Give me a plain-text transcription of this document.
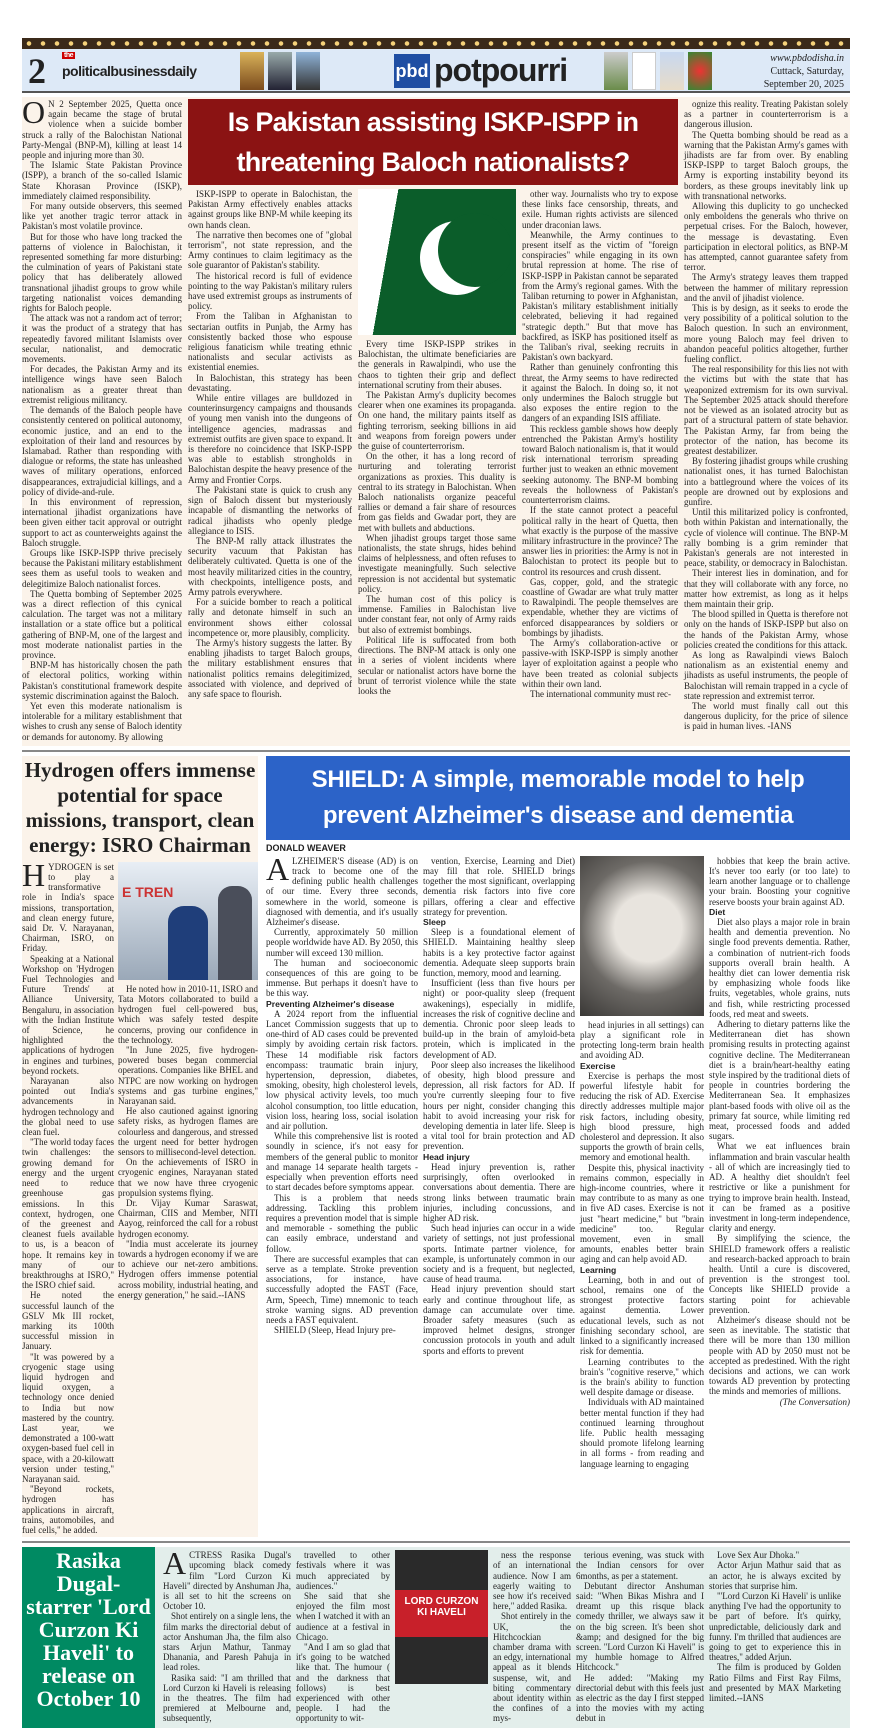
2	the
politicalbusinessdaily	pbd potpourri	www.pbdodisha.in
Cuttack, Saturday,
September 20, 2025

O N 2 September 2025, Quetta once again became the stage of brutal violence when a suicide bomber struck a rally of the Balochistan National Party-Mengal (BNP-M), killing at least 14 people and injuring more than 30.

The Islamic State Pakistan Province (ISPP), a branch of the so-called Islamic State Khorasan Province (ISKP), immediately claimed responsibility.

For many outside observers, this seemed like yet another tragic terror attack in Pakistan's most volatile province.

But for those who have long tracked the patterns of violence in Balochistan, it represented something far more disturbing: the culmination of years of Pakistani state policy that has deliberately allowed transnational jihadist groups to grow while targeting nationalist voices demanding rights for Baloch people.

The attack was not a random act of terror; it was the product of a strategy that has repeatedly favored militant Islamists over secular, nationalist, and democratic movements.

For decades, the Pakistan Army and its intelligence wings have seen Baloch nationalism as a greater threat than extremist religious militancy.

The demands of the Baloch people have consistently centered on political autonomy, economic justice, and an end to the exploitation of their land and resources by Islamabad. Rather than responding with dialogue or reforms, the state has unleashed waves of military operations, enforced disappearances, extrajudicial killings, and a policy of divide-and-rule.

In this environment of repression, international jihadist organizations have been given either tacit approval or outright support to act as counterweights against the Baloch struggle.

Groups like ISKP-ISPP thrive precisely because the Pakistani military establishment sees them as useful tools to weaken and delegitimize Baloch nationalist forces.

The Quetta bombing of September 2025 was a direct reflection of this cynical calculation. The target was not a military installation or a state office but a political gathering of BNP-M, one of the largest and most moderate nationalist parties in the province.

BNP-M has historically chosen the path of electoral politics, working within Pakistan's constitutional framework despite systemic discrimination against the Baloch.

Yet even this moderate nationalism is intolerable for a military establishment that wishes to crush any sense of Baloch identity or demands for autonomy. By allowing

Is Pakistan assisting ISKP-ISPP in threatening Baloch nationalists?

ISKP-ISPP to operate in Balochistan, the Pakistan Army effectively enables attacks against groups like BNP-M while keeping its own hands clean.

The narrative then becomes one of "global terrorism", not state repression, and the Army continues to claim legitimacy as the sole guarantor of Pakistan's stability.

The historical record is full of evidence pointing to the way Pakistan's military rulers have used extremist groups as instruments of policy.

From the Taliban in Afghanistan to sectarian outfits in Punjab, the Army has consistently backed those who espouse religious fanaticism while treating ethnic nationalists and secular activists as existential enemies.

In Balochistan, this strategy has been devastating.

While entire villages are bulldozed in counterinsurgency campaigns and thousands of young men vanish into the dungeons of intelligence agencies, madrassas and extremist outfits are given space to expand. It is therefore no coincidence that ISKP-ISPP was able to establish strongholds in Balochistan despite the heavy presence of the Army and Frontier Corps.

The Pakistani state is quick to crush any sign of Baloch dissent but mysteriously incapable of dismantling the networks of radical jihadists who openly pledge allegiance to ISIS.

The BNP-M rally attack illustrates the security vacuum that Pakistan has deliberately cultivated. Quetta is one of the most heavily militarized cities in the country, with checkpoints, intelligence posts, and Army patrols everywhere.

For a suicide bomber to reach a political rally and detonate himself in such an environment shows either colossal incompetence or, more plausibly, complicity.

The Army's history suggests the latter. By enabling jihadists to target Baloch groups, the military establishment ensures that nationalist politics remains delegitimized, associated with violence, and deprived of any safe space to flourish.

Every time ISKP-ISPP strikes in Balochistan, the ultimate beneficiaries are the generals in Rawalpindi, who use the chaos to tighten their grip and deflect international scrutiny from their abuses.

The Pakistan Army's duplicity becomes clearer when one examines its propaganda. On one hand, the military paints itself as fighting terrorism, seeking billions in aid and weapons from foreign powers under the guise of counterterrorism.

On the other, it has a long record of nurturing and tolerating terrorist organizations as proxies. This duality is central to its strategy in Balochistan. When Baloch nationalists organize peaceful rallies or demand a fair share of resources from gas fields and Gwadar port, they are met with bullets and abductions.

When jihadist groups target those same nationalists, the state shrugs, hides behind claims of helplessness, and often refuses to investigate meaningfully. Such selective repression is not accidental but systematic policy.

The human cost of this policy is immense. Families in Balochistan live under constant fear, not only of Army raids but also of extremist bombings.

Political life is suffocated from both directions. The BNP-M attack is only one in a series of violent incidents where secular or nationalist actors have borne the brunt of terrorist violence while the state looks the

other way. Journalists who try to expose these links face censorship, threats, and exile. Human rights activists are silenced under draconian laws.

Meanwhile, the Army continues to present itself as the victim of "foreign conspiracies" while engaging in its own brutal repression at home. The rise of ISKP-ISPP in Pakistan cannot be separated from the Army's regional games. With the Taliban returning to power in Afghanistan, Pakistan's military establishment initially celebrated, believing it had regained "strategic depth." But that move has backfired, as ISKP has positioned itself as the Taliban's rival, seeking recruits in Pakistan's own backyard.

Rather than genuinely confronting this threat, the Army seems to have redirected it against the Baloch. In doing so, it not only undermines the Baloch struggle but also exposes the entire region to the dangers of an expanding ISIS affiliate.

This reckless gamble shows how deeply entrenched the Pakistan Army's hostility toward Baloch nationalism is, that it would risk international terrorism spreading further just to weaken an ethnic movement seeking autonomy. The BNP-M bombing reveals the hollowness of Pakistan's counterterrorism claims.

If the state cannot protect a peaceful political rally in the heart of Quetta, then what exactly is the purpose of the massive military infrastructure in the province? The answer lies in priorities: the Army is not in Balochistan to protect its people but to control its resources and crush dissent.

Gas, copper, gold, and the strategic coastline of Gwadar are what truly matter to Rawalpindi. The people themselves are expendable, whether they are victims of enforced disappearances by soldiers or bombings by jihadists.

The Army's collaboration-active or passive-with ISKP-ISPP is simply another layer of exploitation against a people who have been treated as colonial subjects within their own land.

The international community must rec-

ognize this reality. Treating Pakistan solely as a partner in counterterrorism is a dangerous illusion.

The Quetta bombing should be read as a warning that the Pakistan Army's games with jihadists are far from over. By enabling ISKP-ISPP to target Baloch groups, the Army is exporting instability beyond its borders, as these groups inevitably link up with transnational networks.

Allowing this duplicity to go unchecked only emboldens the generals who thrive on perpetual crises. For the Baloch, however, the message is devastating. Even participation in electoral politics, as BNP-M has attempted, cannot guarantee safety from terror.

The Army's strategy leaves them trapped between the hammer of military repression and the anvil of jihadist violence.

This is by design, as it seeks to erode the very possibility of a political solution to the Baloch question. In such an environment, more young Baloch may feel driven to abandon peaceful politics altogether, further fueling conflict.

The real responsibility for this lies not with the victims but with the state that has weaponized extremism for its own survival. The September 2025 attack should therefore not be viewed as an isolated atrocity but as part of a structural pattern of state behavior. The Pakistan Army, far from being the protector of the nation, has become its greatest destabilizer.

By fostering jihadist groups while crushing nationalist ones, it has turned Balochistan into a battleground where the voices of its people are drowned out by explosions and gunfire.

Until this militarized policy is confronted, both within Pakistan and internationally, the cycle of violence will continue. The BNP-M rally bombing is a grim reminder that Pakistan's generals are not interested in peace, stability, or democracy in Balochistan.

Their interest lies in domination, and for that they will collaborate with any force, no matter how extremist, as long as it helps them maintain their grip.

The blood spilled in Quetta is therefore not only on the hands of ISKP-ISPP but also on the hands of the Pakistan Army, whose policies created the conditions for this attack.

As long as Rawalpindi views Baloch nationalism as an existential enemy and jihadists as useful instruments, the people of Balochistan will remain trapped in a cycle of state repression and extremist terror.

The world must finally call out this dangerous duplicity, for the price of silence is paid in human lives. -IANS

Hydrogen offers immense potential for space missions, transport, clean energy: ISRO Chairman

HYDROGEN is set to play a transformative role in India's space missions, transportation, and clean energy future, said Dr. V. Narayanan, Chairman, ISRO, on Friday.

Speaking at a National Workshop on 'Hydrogen Fuel Technologies and Future Trends' at Alliance University, Bengaluru, in association with the Indian Institute of Science, he highlighted the applications of hydrogen in engines and turbines, beyond rockets.

Narayanan also pointed out India's advancements in hydrogen technology and the global need to use clean fuel.

"The world today faces twin challenges: the growing demand for energy and the urgent need to reduce greenhouse gas emissions. In this context, hydrogen, one of the greenest and cleanest fuels available to us, is a beacon of hope. It remains key in many of our breakthroughs at ISRO," the ISRO chief said.

He noted the successful launch of the GSLV Mk III rocket, marking its 100th successful mission in January.

"It was powered by a cryogenic stage using liquid hydrogen and liquid oxygen, a technology once denied to India but now mastered by the country. Last year, we demonstrated a 100-watt oxygen-based fuel cell in space, with a 20-kilowatt version under testing," Narayanan said.

"Beyond rockets, hydrogen has applications in aircraft, trains, automobiles, and fuel cells," he added.

E TREN

He noted how in 2010-11, ISRO and Tata Motors collaborated to build a hydrogen fuel cell-powered bus, which was safely tested despite concerns, proving our confidence in the technology.

"In June 2025, five hydrogen-powered buses began commercial operations. Companies like BHEL and NTPC are now working on hydrogen systems and gas turbine engines," Narayanan said.

He also cautioned against ignoring safety risks, as hydrogen flames are colourless and dangerous, and stressed the urgent need for better hydrogen sensors to millisecond-level detection.

On the achievements of ISRO in cryogenic engines, Narayanan stated that we now have three cryogenic propulsion systems flying.

Dr. Vijay Kumar Saraswat, Chairman, CIIS and Member, NITI Aayog, reinforced the call for a robust hydrogen economy.

"India must accelerate its journey towards a hydrogen economy if we are to achieve our net-zero ambitions. Hydrogen offers immense potential across mobility, industrial heating, and energy generation," he said.--IANS

SHIELD: A simple, memorable model to help prevent Alzheimer's disease and dementia
DONALD WEAVER

ALZHEIMER'S disease (AD) is on track to become one of the defining public health challenges of our time. Every three seconds, somewhere in the world, someone is diagnosed with dementia, and it's usually Alzheimer's disease.

Currently, approximately 50 million people worldwide have AD. By 2050, this number will exceed 130 million.

The human and socioeconomic consequences of this are going to be immense. But perhaps it doesn't have to be this way.

Preventing Alzheimer's disease

A 2024 report from the influential Lancet Commission suggests that up to one-third of AD cases could be prevented simply by avoiding certain risk factors. These 14 modifiable risk factors encompass: traumatic brain injury, hypertension, depression, diabetes, smoking, obesity, high cholesterol levels, low physical activity levels, too much alcohol consumption, too little education, vision loss, hearing loss, social isolation and air pollution.

While this comprehensive list is rooted soundly in science, it's not easy for members of the general public to monitor and manage 14 separate health targets - especially when prevention efforts need to start decades before symptoms appear.

This is a problem that needs addressing. Tackling this problem requires a prevention model that is simple and memorable - something the public can easily embrace, understand and follow.

There are successful examples that can serve as a template. Stroke prevention associations, for instance, have successfully adopted the FAST (Face, Arm, Speech, Time) mnemonic to teach stroke warning signs. AD prevention needs a FAST equivalent.

SHIELD (Sleep, Head Injury pre-

vention, Exercise, Learning and Diet) may fill that role. SHIELD brings together the most significant, overlapping dementia risk factors into five core pillars, offering a clear and effective strategy for prevention.

Sleep

Sleep is a foundational element of SHIELD. Maintaining healthy sleep habits is a key protective factor against dementia. Adequate sleep supports brain function, memory, mood and learning.

Insufficient (less than five hours per night) or poor-quality sleep (frequent awakenings), especially in midlife, increases the risk of cognitive decline and dementia. Chronic poor sleep leads to build-up in the brain of amyloid-beta protein, which is implicated in the development of AD.

Poor sleep also increases the likelihood of obesity, high blood pressure and depression, all risk factors for AD. If you're currently sleeping four to five hours per night, consider changing this habit to avoid increasing your risk for developing dementia in later life. Sleep is a vital tool for brain protection and AD prevention.

Head injury

Head injury prevention is, rather surprisingly, often overlooked in conversations about dementia. There are strong links between traumatic brain injuries, including concussions, and higher AD risk.

Such head injuries can occur in a wide variety of settings, not just professional sports. Intimate partner violence, for example, is unfortunately common in our society and is a frequent, but neglected, cause of head trauma.

Head injury prevention should start early and continue throughout life, as damage can accumulate over time. Broader safety measures (such as improved helmet designs, stronger concussion protocols in youth and adult sports and efforts to prevent

head injuries in all settings) can play a significant role in protecting long-term brain health and avoiding AD.

Exercise

Exercise is perhaps the most powerful lifestyle habit for reducing the risk of AD. Exercise directly addresses multiple major risk factors, including obesity, high blood pressure, high cholesterol and depression. It also supports the growth of brain cells, memory and emotional health.

Despite this, physical inactivity remains common, especially in high-income countries, where it may contribute to as many as one in five AD cases. Exercise is not just "heart medicine," but "brain medicine" too. Regular movement, even in small amounts, enables better brain aging and can help avoid AD.

Learning

Learning, both in and out of school, remains one of the strongest protective factors against dementia. Lower educational levels, such as not finishing secondary school, are linked to a significantly increased risk for dementia.

Learning contributes to the brain's "cognitive reserve," which is the brain's ability to function well despite damage or disease.

Individuals with AD maintained better mental function if they had continued learning throughout life. Public health messaging should promote lifelong learning in all forms - from reading and language learning to engaging

hobbies that keep the brain active. It's never too early (or too late) to learn another language or to challenge your brain. Boosting your cognitive reserve boosts your brain against AD.

Diet

Diet also plays a major role in brain health and dementia prevention. No single food prevents dementia. Rather, a combination of nutrient-rich foods supports overall brain health. A healthy diet can lower dementia risk by emphasizing whole foods like fruits, vegetables, whole grains, nuts and fish, while restricting processed foods, red meat and sweets.

Adhering to dietary patterns like the Mediterranean diet has shown promising results in protecting against cognitive decline. The Mediterranean diet is a brain/heart-healthy eating style inspired by the traditional diets of people in countries bordering the Mediterranean Sea. It emphasizes plant-based foods with olive oil as the primary fat source, while limiting red meat, processed foods and added sugars.

What we eat influences brain inflammation and brain vascular health - all of which are increasingly tied to AD. A healthy diet shouldn't feel restrictive or like a punishment for trying to improve brain health. Instead, it can be framed as a positive investment in long-term independence, clarity and energy.

By simplifying the science, the SHIELD framework offers a realistic and research-backed approach to brain health. Until a cure is discovered, prevention is the strongest tool. Concepts like SHIELD provide a starting point for achievable prevention.

Alzheimer's disease should not be seen as inevitable. The statistic that there will be more than 130 million people with AD by 2050 must not be accepted as predestined. With the right decisions and actions, we can work towards AD prevention by protecting the minds and memories of millions.

(The Conversation)

Rasika Dugal-starrer 'Lord Curzon Ki Haveli' to release on October 10

ACTRESS Rasika Dugal's upcoming black comedy film "Lord Curzon Ki Haveli" directed by Anshuman Jha, is all set to hit the screens on October 10.

Shot entirely on a single lens, the film marks the directorial debut of actor Anshuman Jha, the film also stars Arjun Mathur, Tanmay Dhanania, and Paresh Pahuja in lead roles.

Rasika said: "I am thrilled that Lord Curzon ki Haveli is releasing in the theatres. The film had premiered at Melbourne and, subsequently,

travelled to other festivals where it was much appreciated by audiences."

She said that she enjoyed the film most when I watched it with an audience at a festival in Chicago.

"And I am so glad that it's going to be watched like that. The humour ( and the darkness that follows) is best experienced with other people. I had the opportunity to wit-

LORD CURZON KI HAVELI

ness the response of an international audience. Now I am eagerly waiting to see how it's received here," added Rasika.

Shot entirely in the UK, the Hitchcockian chamber drama with an edgy, international appeal as it blends suspense, wit, and biting commentary about identity within the confines of a mys-

terious evening, was stuck with the Indian censors for over 6months, as per a statement.

Debutant director Anshuman said: "When Bikas Mishra and I dreamt up this risque black comedy thriller, we always saw it on the big screen. It's been shot &amp; and designed for the big screen. "Lord Curzon Ki Haveli" is my humble homage to Alfred Hitchcock."

He added: "Making my directorial debut with this feels just as electric as the day I first stepped into the movies with my acting debut in

Love Sex Aur Dhoka."

Actor Arjun Mathur said that as an actor, he is always excited by stories that surprise him.

"'Lord Curzon Ki Haveli' is unlike anything I've had the opportunity to be part of before. It's quirky, unpredictable, deliciously dark and funny. I'm thrilled that audiences are going to get to experience this in theatres," added Arjun.

The film is produced by Golden Ratio Films and First Ray Films, and presented by MAX Marketing limited.--IANS
